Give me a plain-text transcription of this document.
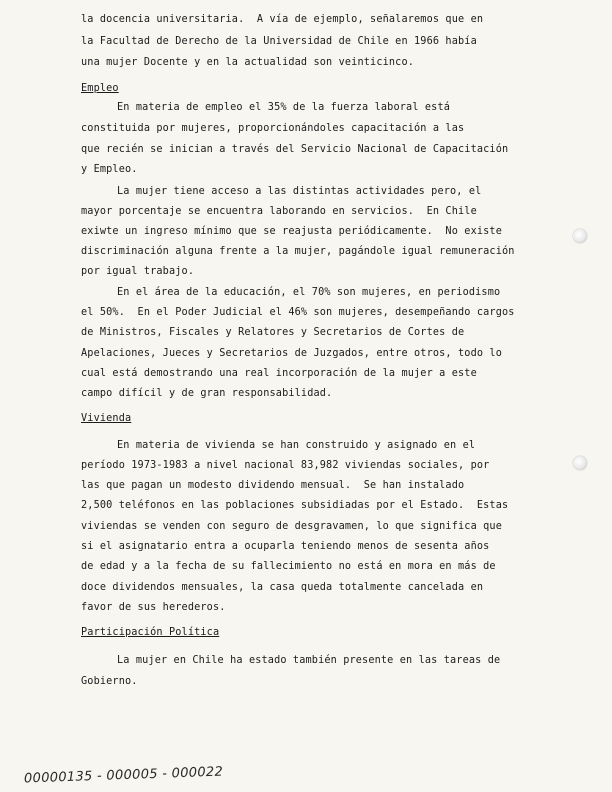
la docencia universitaria.  A vía de ejemplo, señalaremos que en
la Facultad de Derecho de la Universidad de Chile en 1966 había
una mujer Docente y en la actualidad son veinticinco.
Empleo
En materia de empleo el 35% de la fuerza laboral está
constituida por mujeres, proporcionándoles capacitación a las
que recién se inician a través del Servicio Nacional de Capacitación
y Empleo.
La mujer tiene acceso a las distintas actividades pero, el
mayor porcentaje se encuentra laborando en servicios.  En Chile
exiwte un ingreso mínimo que se reajusta periódicamente.  No existe
discriminación alguna frente a la mujer, pagándole igual remuneración
por igual trabajo.
En el área de la educación, el 70% son mujeres, en periodismo
el 50%.  En el Poder Judicial el 46% son mujeres, desempeñando cargos
de Ministros, Fiscales y Relatores y Secretarios de Cortes de
Apelaciones, Jueces y Secretarios de Juzgados, entre otros, todo lo
cual está demostrando una real incorporación de la mujer a este
campo difícil y de gran responsabilidad.
Vivienda
En materia de vivienda se han construido y asignado en el
período 1973-1983 a nivel nacional 83,982 viviendas sociales, por
las que pagan un modesto dividendo mensual.  Se han instalado
2,500 teléfonos en las poblaciones subsidiadas por el Estado.  Estas
viviendas se venden con seguro de desgravamen, lo que significa que
si el asignatario entra a ocuparla teniendo menos de sesenta años
de edad y a la fecha de su fallecimiento no está en mora en más de
doce dividendos mensuales, la casa queda totalmente cancelada en
favor de sus herederos.
Participación Política
La mujer en Chile ha estado también presente en las tareas de
Gobierno.
00000135 - 000005 - 000022
